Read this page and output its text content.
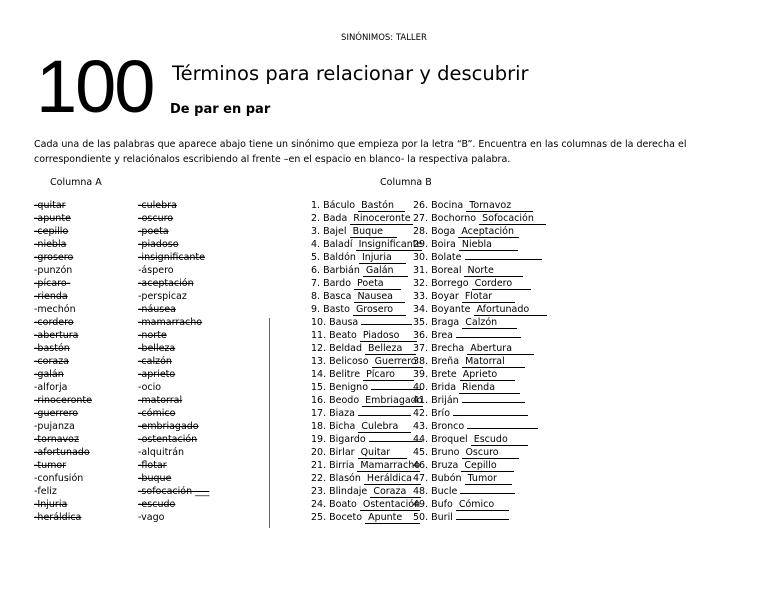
SINÓNIMOS: TALLER
100 Términos para relacionar y descubrir
De par en par
Cada una de las palabras que aparece abajo tiene un sinónimo que empieza por la letra “B”. Encuentra en las columnas de la derecha el correspondiente y relaciónalos escribiendo al frente –en el espacio en blanco- la respectiva palabra.
Columna A	Columna B
-quitar
-apunte
-cepillo
-niebla
-grosero
-punzón
-pícaro-
-rienda
-mechón
-cordero
-abertura
-bastón
-coraza
-galán
-alforja
-rinoceronte
-guerrero
-pujanza
-tornavoz
-afortunado
-tumor
-confusión
-feliz
-Injuria
-heráldica
-culebra
-oscuro
-poeta
-piadoso
-insignificante
-áspero
-aceptación
-perspicaz
-náusea
-mamarracho
-norte
-belleza
-calzón
-aprieto
-ocio
-matorral
-cómico
-embriagado
-ostentación
-alquitrán
-flotar
-buque
-sofocación ___
-escudo
-vago
1. Báculo Bastón
2. Bada Rinoceronte
3. Bajel Buque
4. Baladí Insignificante
5. Baldón Injuria
6. Barbián Galán
7. Bardo Poeta
8. Basca Nausea
9. Basto Grosero
10. Bausa
11. Beato Piadoso
12. Beldad Belleza
13. Belicoso Guerrero
14. Belitre Pícaro
15. Benigno
16. Beodo Embriagado
17. Biaza
18. Bicha Culebra
19. Bigardo
20. Birlar Quitar
21. Birria Mamarracho
22. Blasón Heráldica
23. Blindaje Coraza
24. Boato Ostentación
25. Boceto Apunte
26. Bocina Tornavoz
27. Bochorno Sofocación
28. Boga Aceptación
29. Boira Niebla
30. Bolate
31. Boreal Norte
32. Borrego Cordero
33. Boyar Flotar
34. Boyante Afortunado
35. Braga Calzón
36. Brea
37. Brecha Abertura
38. Breña Matorral
39. Brete Aprieto
40. Brida Rienda
41. Briján
42. Brío
43. Bronco
44. Broquel Escudo
45. Bruno Oscuro
46. Bruza Cepillo
47. Bubón Tumor
48. Bucle
49. Bufo Cómico
50. Buril
